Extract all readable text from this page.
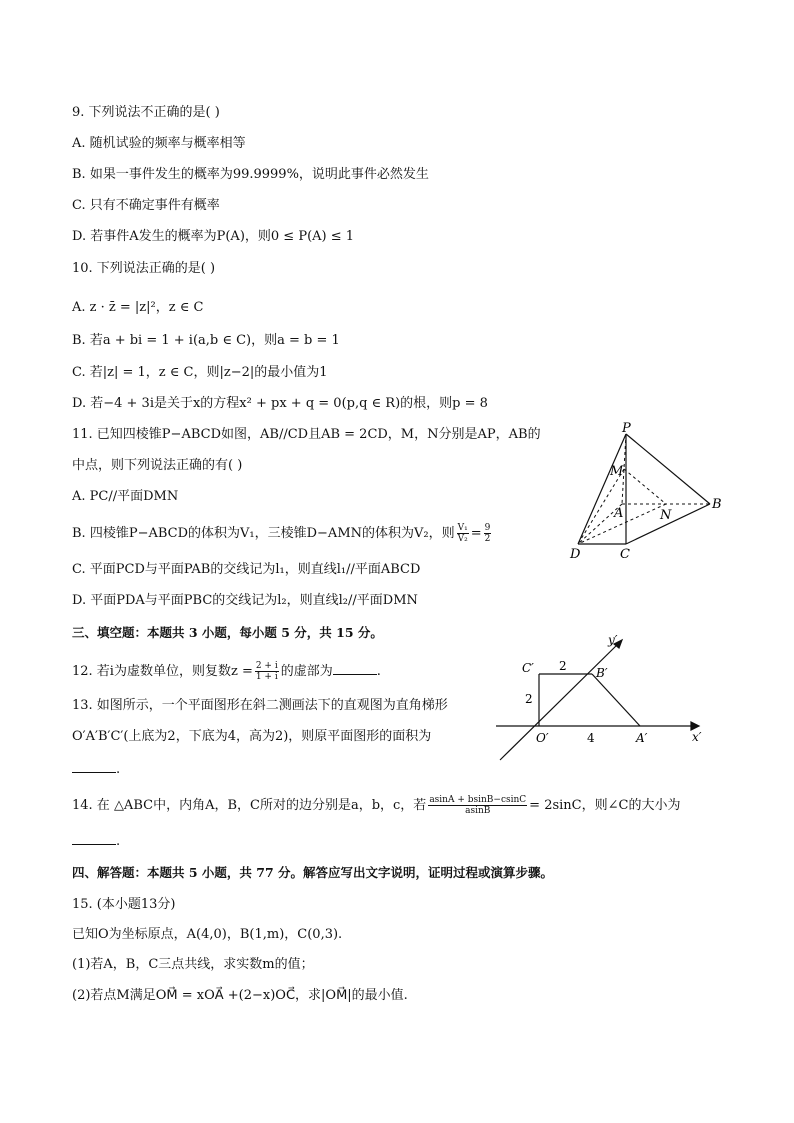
9. 下列说法不正确的是( )
A. 随机试验的频率与概率相等
B. 如果一事件发生的概率为99.9999%，说明此事件必然发生
C. 只有不确定事件有概率
D. 若事件A发生的概率为P(A)，则0 ≤ P(A) ≤ 1
10. 下列说法正确的是( )
A. z · z̄ = |z|²，z ∈ C
B. 若a + bi = 1 + i(a,b ∈ C)，则a = b = 1
C. 若|z| = 1，z ∈ C，则|z−2|的最小值为1
D. 若−4 + 3i是关于x的方程x² + px + q = 0(p,q ∈ R)的根，则p = 8
11. 已知四棱锥P−ABCD如图，AB//CD且AB = 2CD，M，N分别是AP，AB的
中点，则下列说法正确的有( )
A. PC//平面DMN
B. 四棱锥P−ABCD的体积为V₁，三棱锥D−AMN的体积为V₂，则 $\frac{\text{V₁}}{\text{V₂}} = \frac{9}{2}$
C. 平面PCD与平面PAB的交线记为l₁，则直线l₁//平面ABCD
D. 平面PDA与平面PBC的交线记为l₂，则直线l₂//平面DMN
P
M
A	N
B
D	C
三、填空题：本题共 3 小题，每小题 5 分，共 15 分。
12. 若i为虚数单位，则复数$z = \frac{2 + i}{1 + i}$ 的虚部为	.
13. 如图所示，一个平面图形在斜二测画法下的直观图为直角梯形
O′A′B′C′(上底为2，下底为4，高为2)，则原平面图形的面积为
.
y′
C′ 2 B′
2
O′	4	A′	x′
14. 在 △ABC中，内角A，B，C所对的边分别是a，b，c，若 $\frac{asinA + bsinB-csinC}{asinB} = 2\sin C$，则∠C的大小为
.
四、解答题：本题共 5 小题，共 77 分。解答应写出文字说明，证明过程或演算步骤。
15. (本小题13分)
已知O为坐标原点，A(4,0)，B(1,m)，C(0,3).
(1)若A，B，C三点共线，求实数m的值；
(2)若点M满足OM⃗ = xOA⃗ +(2−x)OC⃗，求|OM⃗|的最小值.
